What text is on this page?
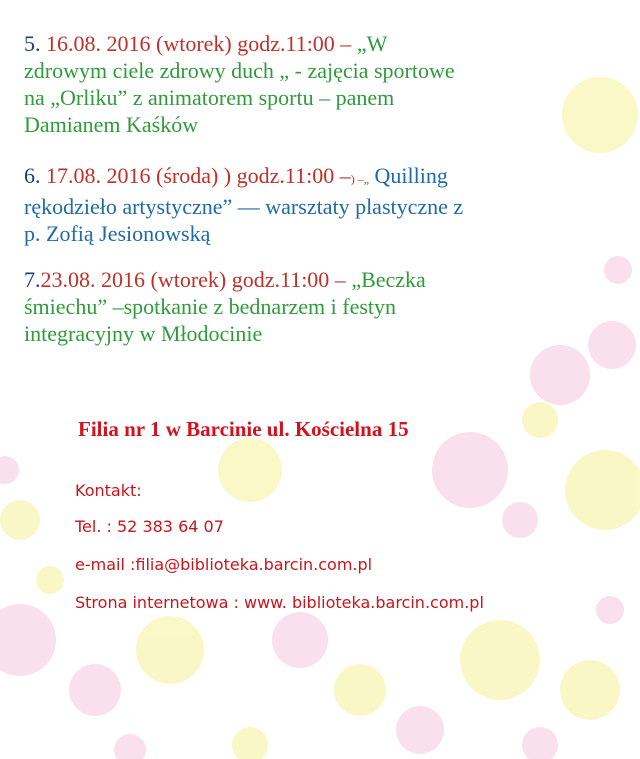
5. 16.08. 2016 (wtorek) godz.11:00 – „W
zdrowym ciele zdrowy duch „ - zajęcia sportowe
na „Orliku” z animatorem sportu – panem
Damianem Kaśków
6. 17.08. 2016 (środa) ) godz.11:00 –) –„ Quilling
rękodzieło artystyczne” — warsztaty plastyczne z
p. Zofią Jesionowską
7.23.08. 2016 (wtorek) godz.11:00 – „Beczka
śmiechu” –spotkanie z bednarzem i festyn
integracyjny w Młodocinie
Filia nr 1 w Barcinie ul. Kościelna 15
Kontakt:
Tel. : 52 383 64 07
e-mail :filia@biblioteka.barcin.com.pl
Strona internetowa : www. biblioteka.barcin.com.pl
